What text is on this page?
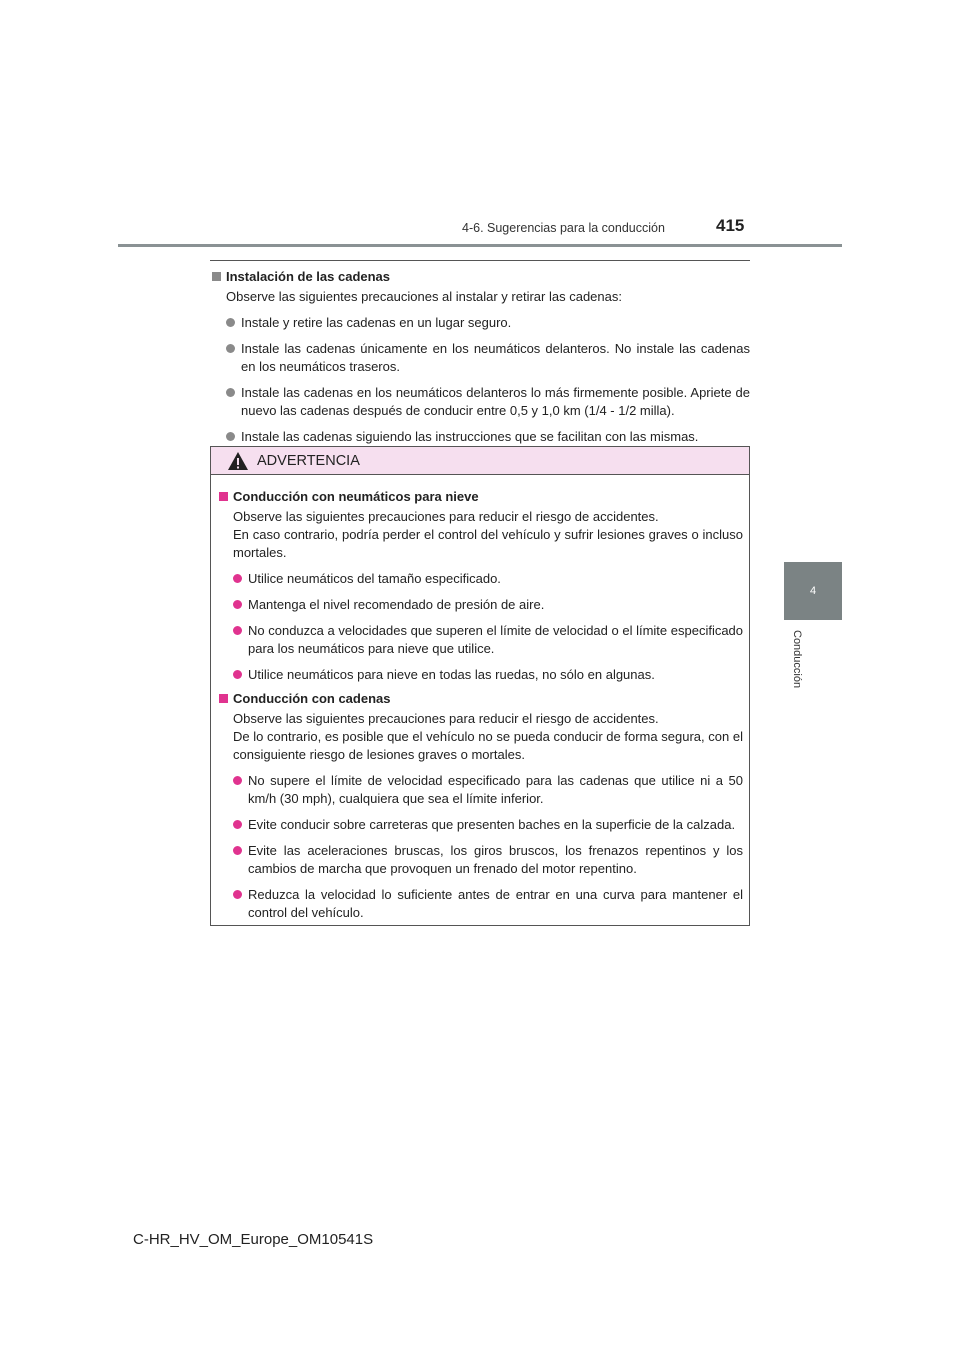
4-6. Sugerencias para la conducción	415
4
Conducción
Instalación de las cadenas
Observe las siguientes precauciones al instalar y retirar las cadenas:
Instale y retire las cadenas en un lugar seguro.
Instale las cadenas únicamente en los neumáticos delanteros. No instale las cadenas en los neumáticos traseros.
Instale las cadenas en los neumáticos delanteros lo más firmemente posible. Apriete de nuevo las cadenas después de conducir entre 0,5 y 1,0 km (1/4 - 1/2 milla).
Instale las cadenas siguiendo las instrucciones que se facilitan con las mismas.
ADVERTENCIA
Conducción con neumáticos para nieve
Observe las siguientes precauciones para reducir el riesgo de accidentes.
En caso contrario, podría perder el control del vehículo y sufrir lesiones graves o incluso mortales.
Utilice neumáticos del tamaño especificado.
Mantenga el nivel recomendado de presión de aire.
No conduzca a velocidades que superen el límite de velocidad o el límite especificado para los neumáticos para nieve que utilice.
Utilice neumáticos para nieve en todas las ruedas, no sólo en algunas.
Conducción con cadenas
Observe las siguientes precauciones para reducir el riesgo de accidentes.
De lo contrario, es posible que el vehículo no se pueda conducir de forma segura, con el consiguiente riesgo de lesiones graves o mortales.
No supere el límite de velocidad especificado para las cadenas que utilice ni a 50 km/h (30 mph), cualquiera que sea el límite inferior.
Evite conducir sobre carreteras que presenten baches en la superficie de la calzada.
Evite las aceleraciones bruscas, los giros bruscos, los frenazos repentinos y los cambios de marcha que provoquen un frenado del motor repentino.
Reduzca la velocidad lo suficiente antes de entrar en una curva para mantener el control del vehículo.
C-HR_HV_OM_Europe_OM10541S
